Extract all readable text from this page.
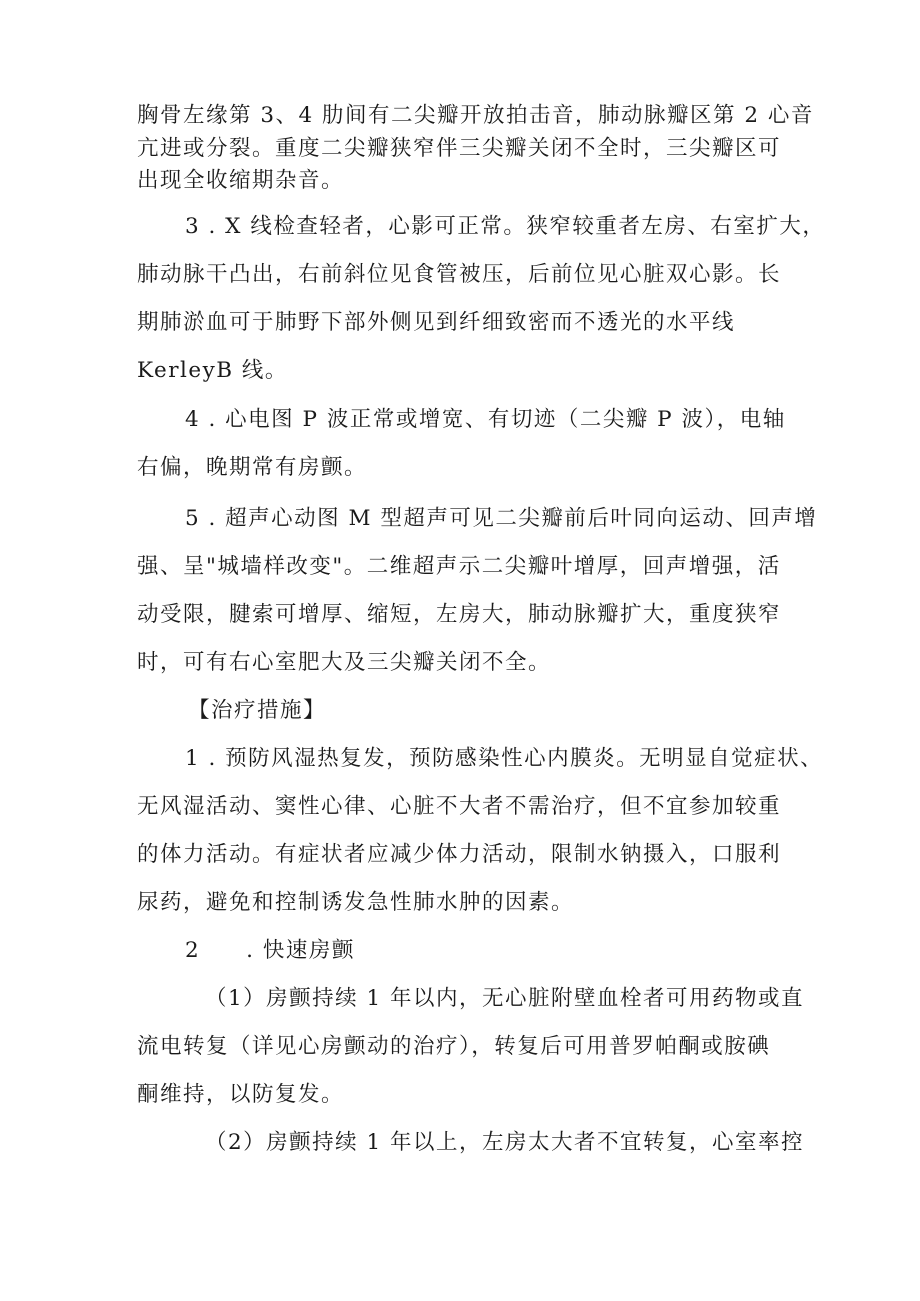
胸骨左缘第 3、4 肋间有二尖瓣开放拍击音，肺动脉瓣区第 2 心音
亢进或分裂。重度二尖瓣狭窄伴三尖瓣关闭不全时，三尖瓣区可
出现全收缩期杂音。
3 . X 线检查轻者，心影可正常。狭窄较重者左房、右室扩大，
肺动脉干凸出，右前斜位见食管被压，后前位见心脏双心影。长
期肺淤血可于肺野下部外侧见到纤细致密而不透光的水平线
KerleyB 线。
4 . 心电图 P 波正常或增宽、有切迹（二尖瓣 P 波），电轴
右偏，晚期常有房颤。
5 . 超声心动图 M 型超声可见二尖瓣前后叶同向运动、回声增
强、呈"城墙样改变"。二维超声示二尖瓣叶增厚，回声增强，活
动受限，腱索可增厚、缩短，左房大，肺动脉瓣扩大，重度狭窄
时，可有右心室肥大及三尖瓣关闭不全。
【治疗措施】
1 . 预防风湿热复发，预防感染性心内膜炎。无明显自觉症状、
无风湿活动、窦性心律、心脏不大者不需治疗，但不宜参加较重
的体力活动。有症状者应减少体力活动，限制水钠摄入，口服利
尿药，避免和控制诱发急性肺水肿的因素。
2　　. 快速房颤
（1）房颤持续 1 年以内，无心脏附壁血栓者可用药物或直
流电转复（详见心房颤动的治疗），转复后可用普罗帕酮或胺碘
酮维持，以防复发。
（2）房颤持续 1 年以上，左房太大者不宜转复，心室率控
